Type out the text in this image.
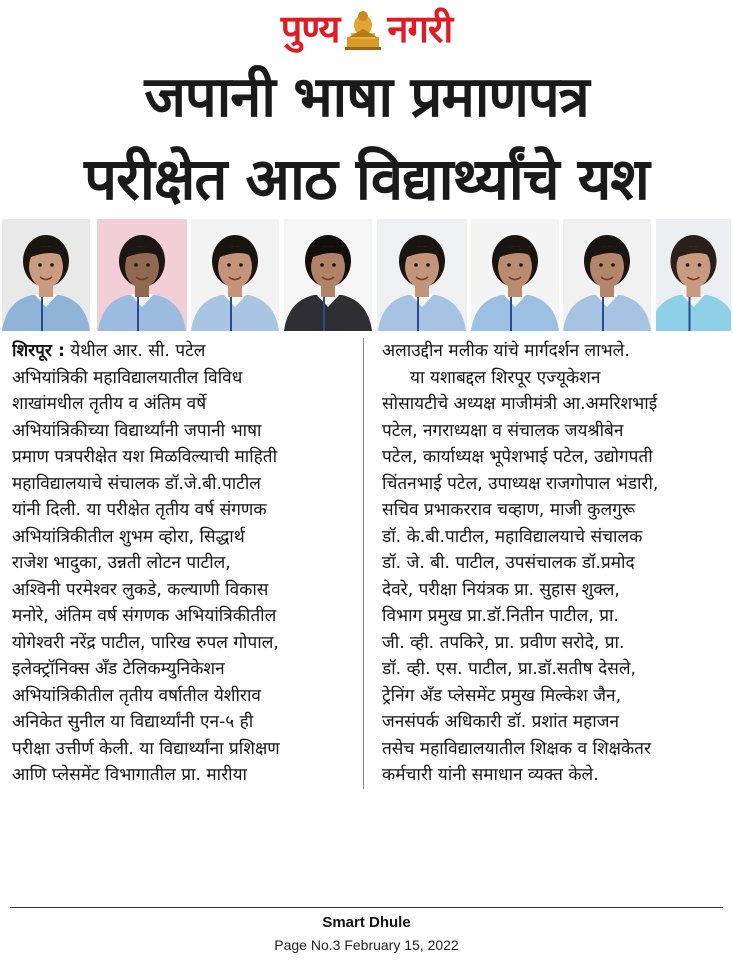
पुण्य नगरी
जपानी भाषा प्रमाणपत्र
परीक्षेत आठ विद्यार्थ्यांचे यश
शिरपूर : येथील आर. सी. पटेल
अभियांत्रिकी महाविद्यालयातील विविध
शाखांमधील तृतीय व अंतिम वर्षे
अभियांत्रिकीच्या विद्यार्थ्यांनी जपानी भाषा
प्रमाण पत्रपरीक्षेत यश मिळविल्याची माहिती
महाविद्यालयाचे संचालक डॉ.जे.बी.पाटील
यांनी दिली. या परीक्षेत तृतीय वर्ष संगणक
अभियांत्रिकीतील शुभम व्होरा, सिद्धार्थ
राजेश भादुका, उन्नती लोटन पाटील,
अश्विनी परमेश्वर लुकडे, कल्याणी विकास
मनोरे, अंतिम वर्ष संगणक अभियांत्रिकीतील
योगेश्वरी नरेंद्र पाटील, पारिख रुपल गोपाल,
इलेक्ट्रॉनिक्स अँड टेलिकम्युनिकेशन
अभियांत्रिकीतील तृतीय वर्षातील येशीराव
अनिकेत सुनील या विद्यार्थ्यांनी एन-५ ही
परीक्षा उत्तीर्ण केली. या विद्यार्थ्यांना प्रशिक्षण
आणि प्लेसमेंट विभागातील प्रा. मारीया
अलाउद्दीन मलीक यांचे मार्गदर्शन लाभले.
या यशाबद्दल शिरपूर एज्यूकेशन
सोसायटीचे अध्यक्ष माजीमंत्री आ.अमरिशभाई
पटेल, नगराध्यक्षा व संचालक जयश्रीबेन
पटेल, कार्याध्यक्ष भूपेशभाई पटेल, उद्योगपती
चिंतनभाई पटेल, उपाध्यक्ष राजगोपाल भंडारी,
सचिव प्रभाकरराव चव्हाण, माजी कुलगुरू
डॉ. के.बी.पाटील, महाविद्यालयाचे संचालक
डॉ. जे. बी. पाटील, उपसंचालक डॉ.प्रमोद
देवरे, परीक्षा नियंत्रक प्रा. सुहास शुक्ल,
विभाग प्रमुख प्रा.डॉ.नितीन पाटील, प्रा.
जी. व्ही. तपकिरे, प्रा. प्रवीण सरोदे, प्रा.
डॉ. व्ही. एस. पाटील, प्रा.डॉ.सतीष देसले,
ट्रेनिंग अँड प्लेसमेंट प्रमुख मिल्केश जैन,
जनसंपर्क अधिकारी डॉ. प्रशांत महाजन
तसेच महाविद्यालयातील शिक्षक व शिक्षकेतर
कर्मचारी यांनी समाधान व्यक्त केले.
Smart Dhule
Page No.3 February 15, 2022
